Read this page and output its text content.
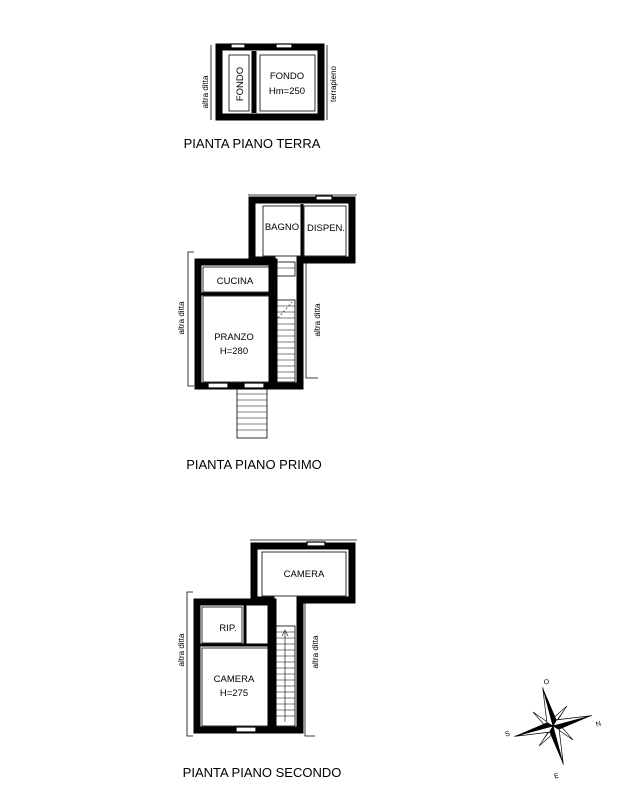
altra ditta	terrapieno
FONDO	FONDO
Hm=250
PIANTA PIANO TERRA
altra ditta	altra ditta
BAGNO DISPEN.
CUCINA
PRANZO
H=280
PIANTA PIANO PRIMO
altra ditta	altra ditta
CAMERA
RIP.
CAMERA
H=275
PIANTA PIANO SECONDO
O
N
S
E
